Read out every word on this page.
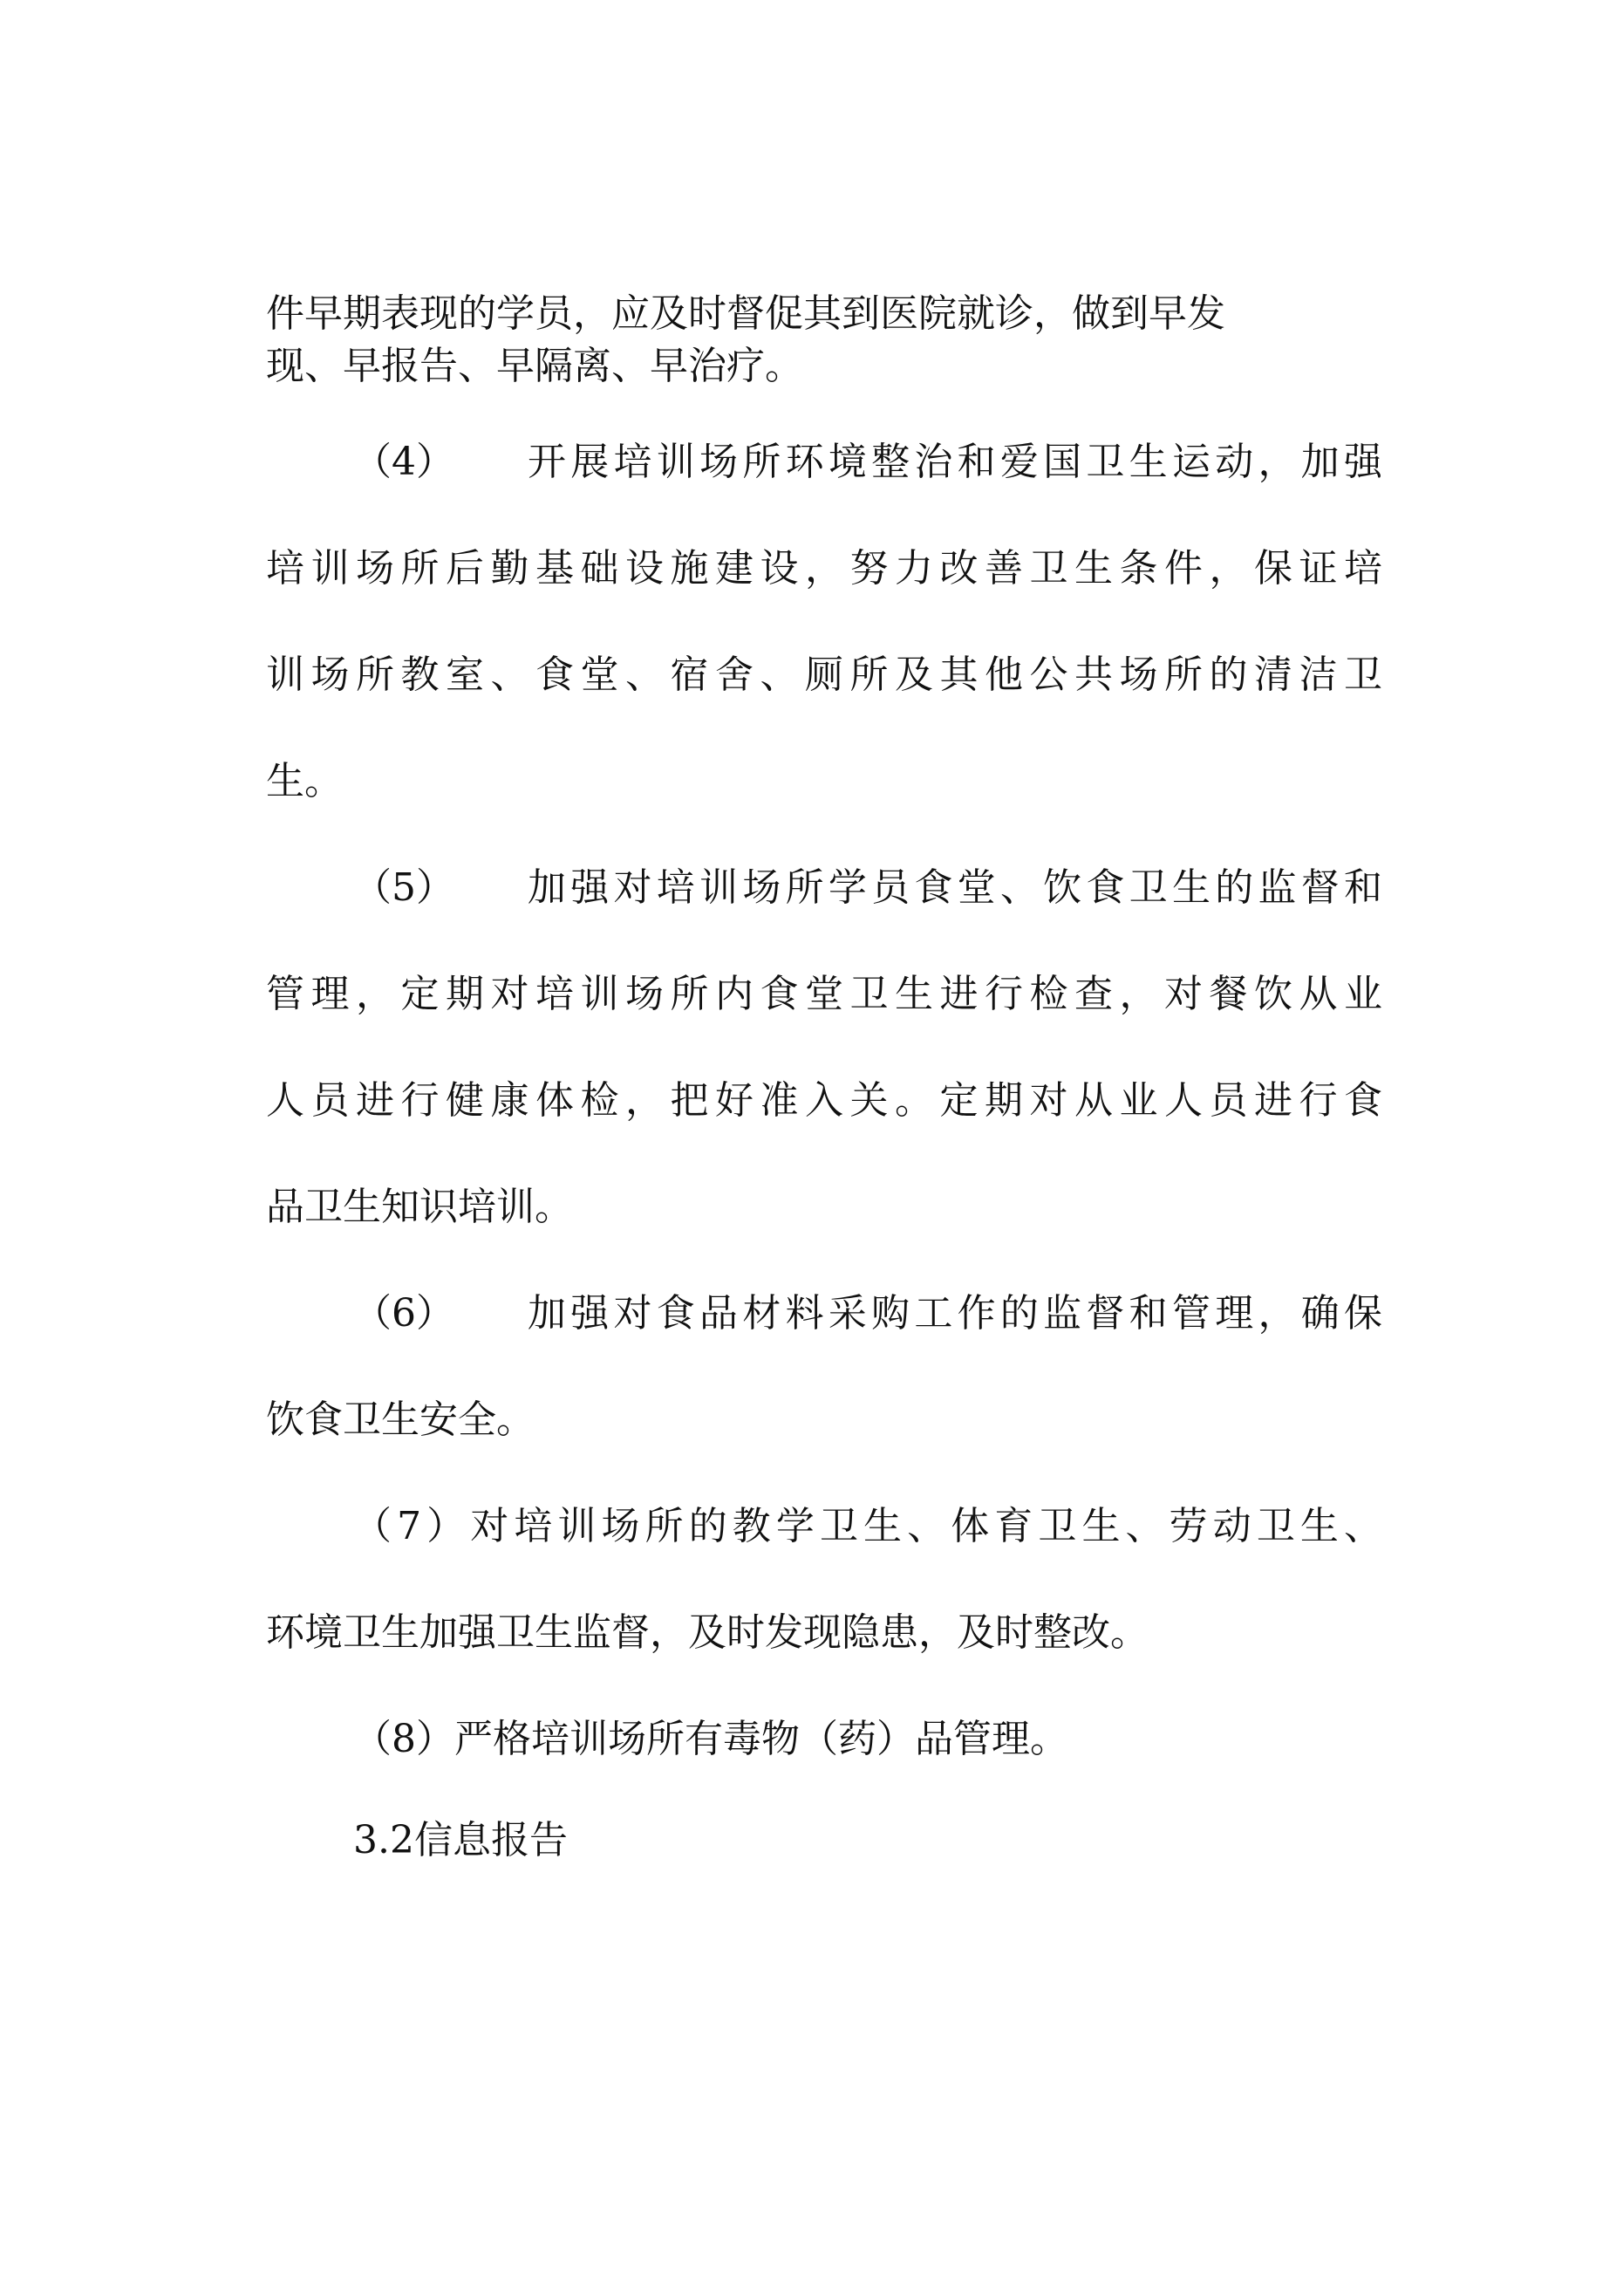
件早期表现的学员，应及时督促其到医院就诊，做到早发
现、早报告、早隔离、早治疗。
（4） 开展培训场所环境整治和爱国卫生运动，加强
培训场所后勤基础设施建设，努力改善卫生条件，保证培
训场所教室、食堂、宿舍、厕所及其他公共场所的清洁卫
生。
（5） 加强对培训场所学员食堂、饮食卫生的监督和
管理，定期对培训场所内食堂卫生进行检查，对餐饮从业
人员进行健康体检，把好准入关。定期对从业人员进行食
品卫生知识培训。
（6） 加强对食品材料采购工作的监督和管理，确保
饮食卫生安全。
（7）对培训场所的教学卫生、体育卫生、劳动卫生、
环境卫生加强卫生监督，及时发现隐患，及时整改。
（8）严格培训场所有毒物（药）品管理。
3.2信息报告
